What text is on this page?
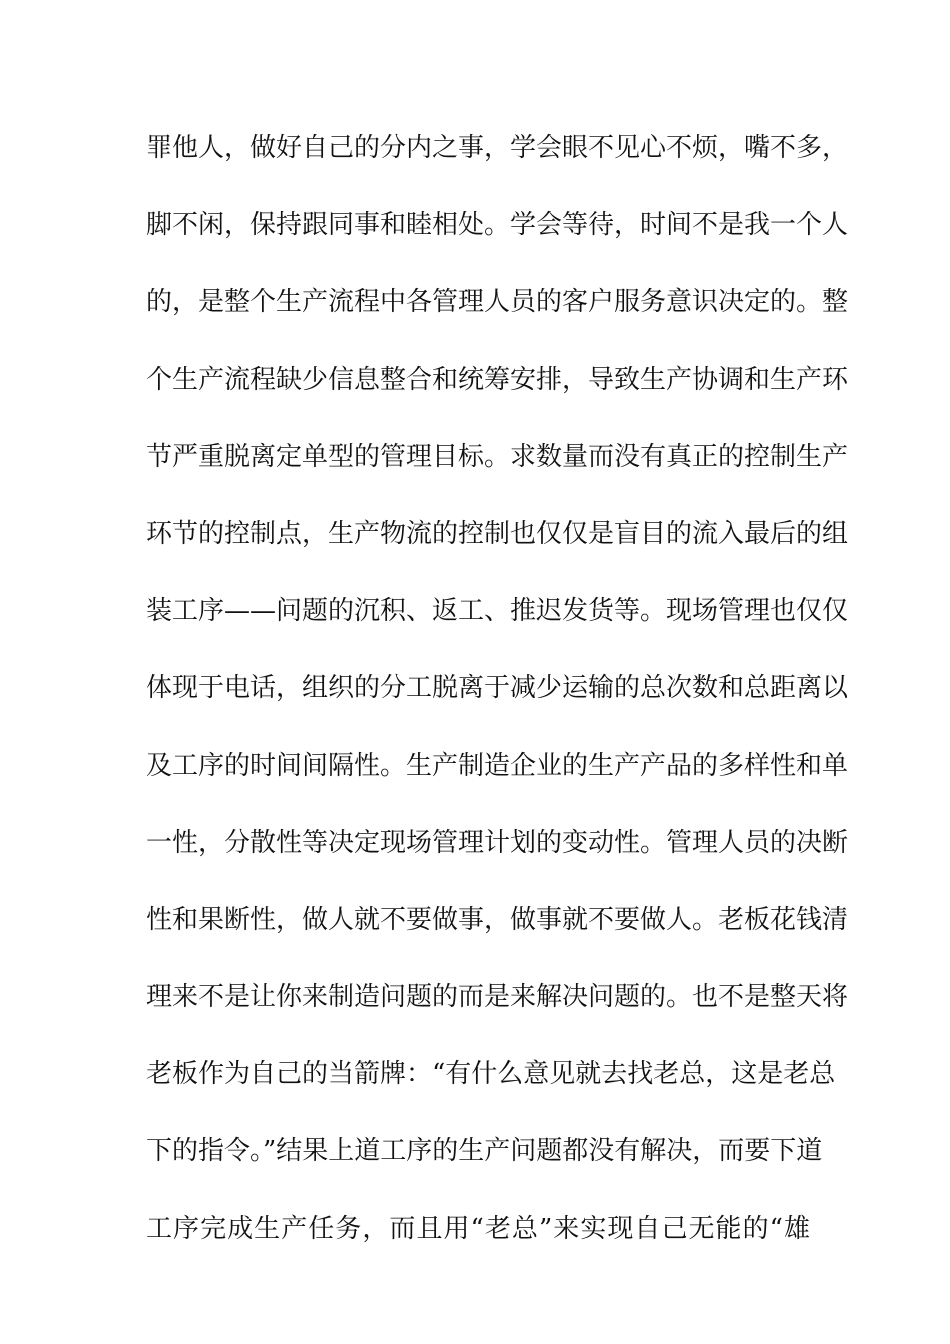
罪他人，做好自己的分内之事，学会眼不见心不烦，嘴不多，
脚不闲，保持跟同事和睦相处。学会等待，时间不是我一个人
的，是整个生产流程中各管理人员的客户服务意识决定的。整
个生产流程缺少信息整合和统筹安排，导致生产协调和生产环
节严重脱离定单型的管理目标。求数量而没有真正的控制生产
环节的控制点，生产物流的控制也仅仅是盲目的流入最后的组
装工序——问题的沉积、返工、推迟发货等。现场管理也仅仅
体现于电话，组织的分工脱离于减少运输的总次数和总距离以
及工序的时间间隔性。生产制造企业的生产产品的多样性和单
一性，分散性等决定现场管理计划的变动性。管理人员的决断
性和果断性，做人就不要做事，做事就不要做人。老板花钱清
理来不是让你来制造问题的而是来解决问题的。也不是整天将
老板作为自己的当箭牌：“有什么意见就去找老总，这是老总
下的指令。”结果上道工序的生产问题都没有解决，而要下道
工序完成生产任务，而且用“老总”来实现自己无能的“雄
